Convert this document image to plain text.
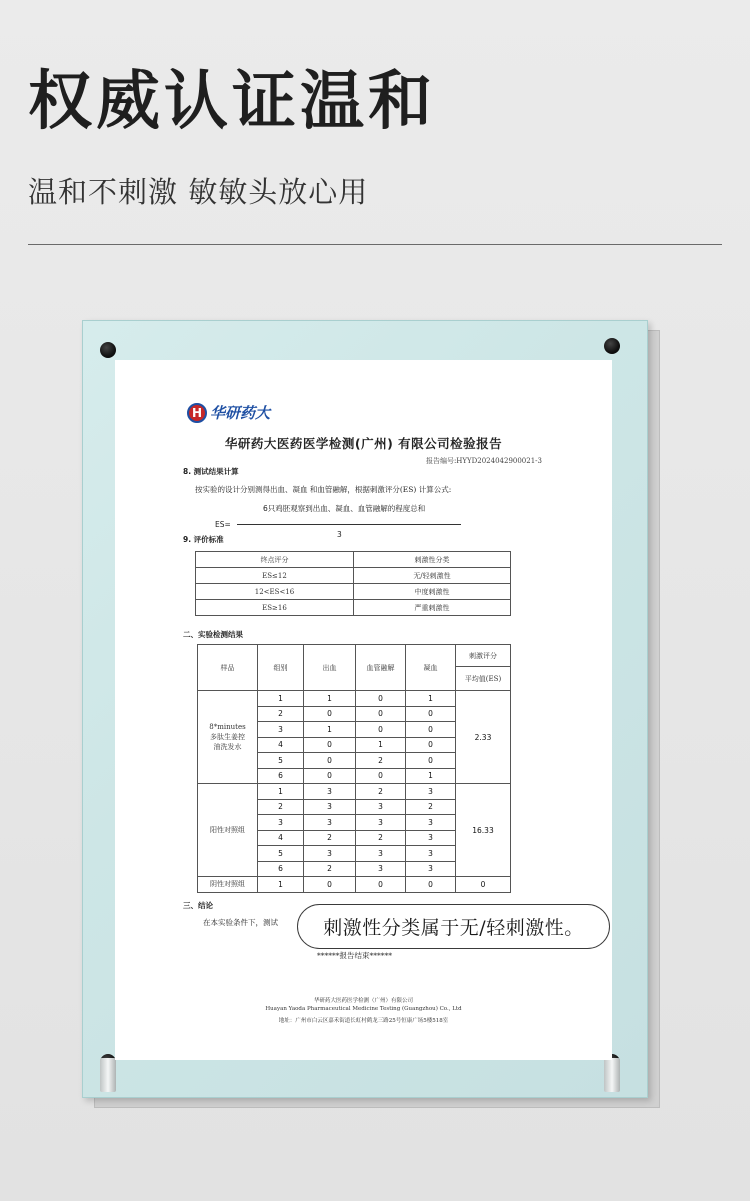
权威认证温和
温和不刺激 敏敏头放心用
H 华研药大
华研药大医药医学检测(广州) 有限公司检验报告
报告编号:HYYD2024042900021-3
8. 测试结果计算
按实验的设计分别测得出血、凝血 和血管融解，根据刺激评分(ES) 计算公式:
6只鸡胚观察到出血、凝血、血管融解的程度总和
ES=
3
9. 评价标准
终点评分	刺激性分类
ES≤12	无/轻刺激性
12<ES<16	中度刺激性
ES≥16	严重刺激性
二、实验检测结果
样品	组别	出血	血管融解	凝血	刺激评分
					平均值(ES)
8*minutes
多肽生姜控
油洗发水	1	1	0	1	2.33
	2	0	0	0	
	3	1	0	0	
	4	0	1	0	
	5	0	2	0	
	6	0	0	1	
阳性对照组	1	3	2	3	16.33
	2	3	3	2	
	3	3	3	3	
	4	2	2	3	
	5	3	3	3	
	6	2	3	3	
阴性对照组	1	0	0	0	0
三、结论
在本实验条件下，测试
******报告结束******
华研药大医药医学检测（广州）有限公司
Huayan Yaoda Pharmaceutical Medicine Testing (Guangzhou) Co., Ltd
地址：广州市白云区嘉禾街道长虹村鹤龙三路25号恒康广场5楼518室
刺激性分类属于无/轻刺激性。
